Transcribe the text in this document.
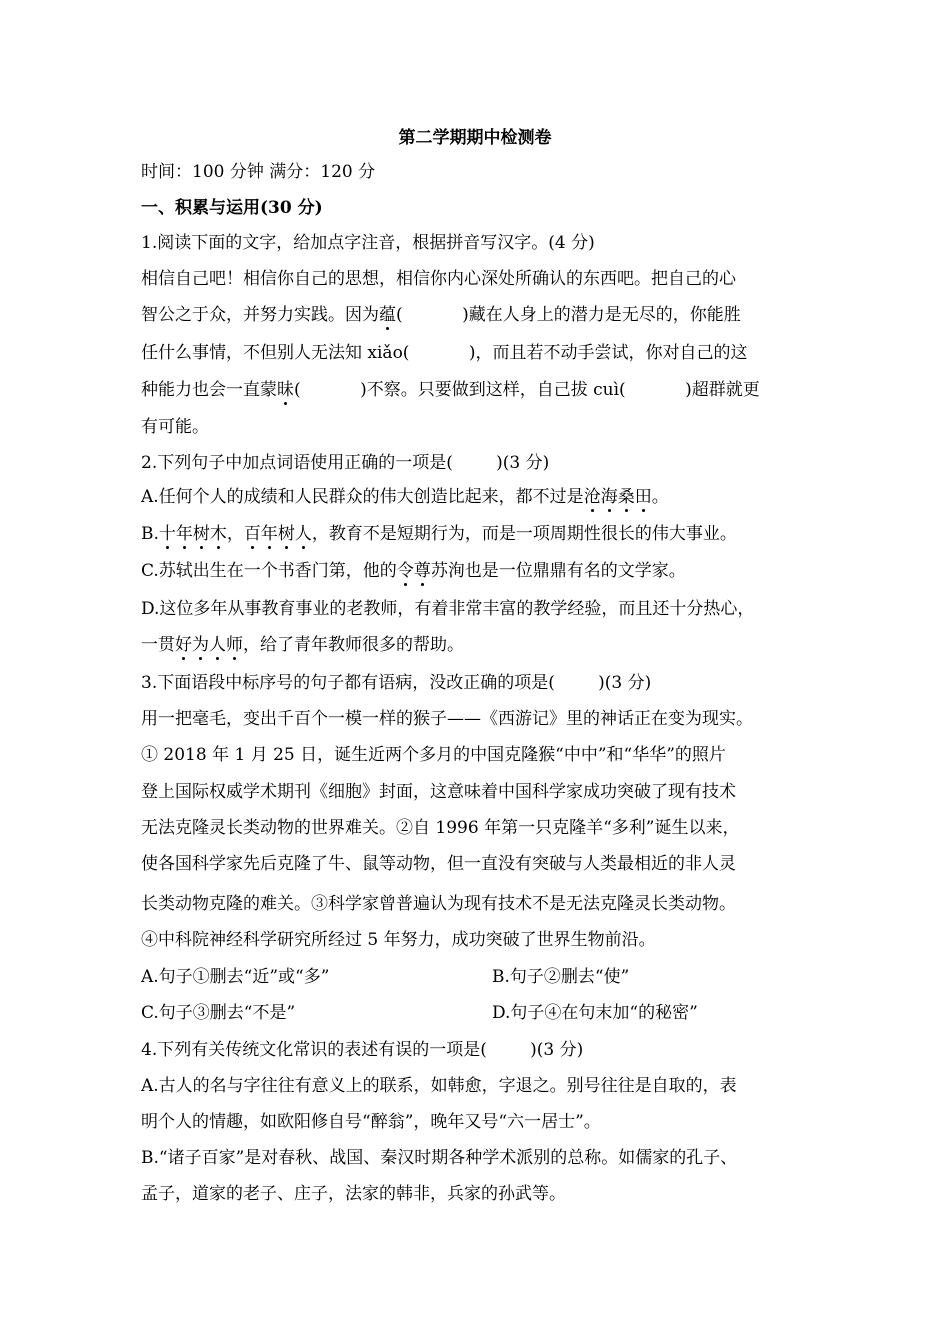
第二学期期中检测卷
时间：100 分钟 满分：120 分
一、积累与运用(30 分)
1.阅读下面的文字，给加点字注音，根据拼音写汉字。(4 分)
相信自己吧！相信你自己的思想，相信你内心深处所确认的东西吧。把自己的心
智公之于众，并努力实践。因为蕴(           )藏在人身上的潜力是无尽的，你能胜
任什么事情，不但别人无法知 xiǎo(           )，而且若不动手尝试，你对自己的这
种能力也会一直蒙昧(           )不察。只要做到这样，自己拔 cuì(           )超群就更
有可能。
2.下列句子中加点词语使用正确的一项是(        )(3 分)
A.任何个人的成绩和人民群众的伟大创造比起来，都不过是沧海桑田。
B.十年树木，百年树人，教育不是短期行为，而是一项周期性很长的伟大事业。
C.苏轼出生在一个书香门第，他的令尊苏洵也是一位鼎鼎有名的文学家。
D.这位多年从事教育事业的老教师，有着非常丰富的教学经验，而且还十分热心，
一贯好为人师，给了青年教师很多的帮助。
3.下面语段中标序号的句子都有语病，没改正确的项是(        )(3 分)
用一把毫毛，变出千百个一模一样的猴子——《西游记》里的神话正在变为现实。
① 2018 年 1 月 25 日，诞生近两个多月的中国克隆猴“中中”和“华华”的照片
登上国际权威学术期刊《细胞》封面，这意味着中国科学家成功突破了现有技术
无法克隆灵长类动物的世界难关。②自 1996 年第一只克隆羊“多利”诞生以来，
使各国科学家先后克隆了牛、鼠等动物，但一直没有突破与人类最相近的非人灵
长类动物克隆的难关。③科学家曾普遍认为现有技术不是无法克隆灵长类动物。
④中科院神经科学研究所经过 5 年努力，成功突破了世界生物前沿。
A.句子①删去“近”或“多”	B.句子②删去“使”
C.句子③删去“不是”	D.句子④在句末加“的秘密”
4.下列有关传统文化常识的表述有误的一项是(        )(3 分)
A.古人的名与字往往有意义上的联系，如韩愈，字退之。别号往往是自取的，表
明个人的情趣，如欧阳修自号“醉翁”，晚年又号“六一居士”。
B.“诸子百家”是对春秋、战国、秦汉时期各种学术派别的总称。如儒家的孔子、
孟子，道家的老子、庄子，法家的韩非，兵家的孙武等。
